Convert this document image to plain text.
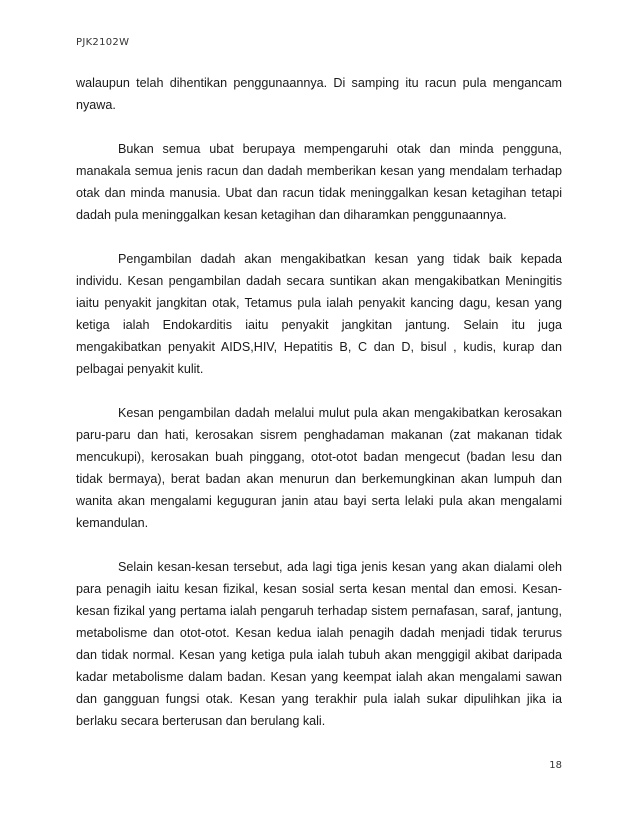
PJK2102W

walaupun telah dihentikan penggunaannya. Di samping itu racun pula mengancam nyawa.

Bukan semua ubat berupaya mempengaruhi otak dan minda pengguna, manakala semua jenis racun dan dadah memberikan kesan yang mendalam terhadap otak dan minda manusia. Ubat dan racun tidak meninggalkan kesan ketagihan tetapi dadah pula meninggalkan kesan ketagihan dan diharamkan penggunaannya.

Pengambilan dadah akan mengakibatkan kesan yang tidak baik kepada individu. Kesan pengambilan dadah secara suntikan akan mengakibatkan Meningitis iaitu penyakit jangkitan otak, Tetamus pula ialah penyakit kancing dagu, kesan yang ketiga ialah Endokarditis iaitu penyakit jangkitan jantung. Selain itu juga mengakibatkan penyakit AIDS,HIV, Hepatitis B, C dan D, bisul , kudis, kurap dan pelbagai penyakit kulit.

Kesan pengambilan dadah melalui mulut pula akan mengakibatkan kerosakan paru-paru dan hati, kerosakan sisrem penghadaman makanan (zat makanan tidak mencukupi), kerosakan buah pinggang, otot-otot badan mengecut (badan lesu dan tidak bermaya), berat badan akan menurun dan berkemungkinan akan lumpuh dan wanita akan mengalami keguguran janin atau bayi serta lelaki pula akan mengalami kemandulan.

Selain kesan-kesan tersebut, ada lagi tiga jenis kesan yang akan dialami oleh para penagih iaitu kesan fizikal, kesan sosial serta kesan mental dan emosi. Kesan-kesan fizikal yang pertama ialah pengaruh terhadap sistem pernafasan, saraf, jantung, metabolisme dan otot-otot. Kesan kedua ialah penagih dadah menjadi tidak terurus dan tidak normal. Kesan yang ketiga pula ialah tubuh akan menggigil akibat daripada kadar metabolisme dalam badan. Kesan yang keempat ialah akan mengalami sawan dan gangguan fungsi otak. Kesan yang terakhir pula ialah sukar dipulihkan jika ia berlaku secara berterusan dan berulang kali.

18
